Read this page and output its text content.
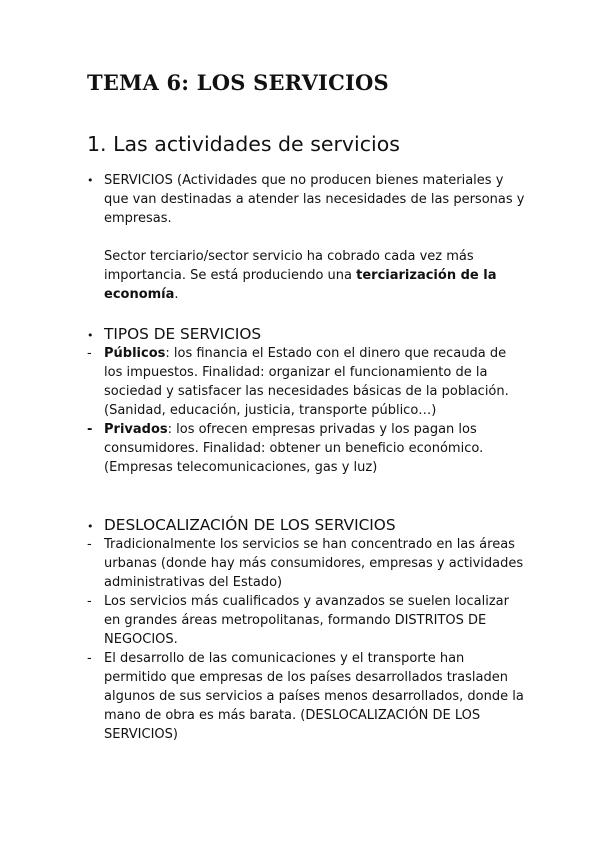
TEMA 6: LOS SERVICIOS
1. Las actividades de servicios
• SERVICIOS (Actividades que no producen bienes materiales y que van destinadas a atender las necesidades de las personas y empresas.
Sector terciario/sector servicio ha cobrado cada vez más importancia. Se está produciendo una terciarización de la economía.
• TIPOS DE SERVICIOS
- Públicos: los financia el Estado con el dinero que recauda de los impuestos. Finalidad: organizar el funcionamiento de la sociedad y satisfacer las necesidades básicas de la población. (Sanidad, educación, justicia, transporte público…)
- Privados: los ofrecen empresas privadas y los pagan los consumidores. Finalidad: obtener un beneficio económico. (Empresas telecomunicaciones, gas y luz)
• DESLOCALIZACIÓN DE LOS SERVICIOS
- Tradicionalmente los servicios se han concentrado en las áreas urbanas (donde hay más consumidores, empresas y actividades administrativas del Estado)
- Los servicios más cualificados y avanzados se suelen localizar en grandes áreas metropolitanas, formando DISTRITOS DE NEGOCIOS.
- El desarrollo de las comunicaciones y el transporte han permitido que empresas de los países desarrollados trasladen algunos de sus servicios a países menos desarrollados, donde la mano de obra es más barata. (DESLOCALIZACIÓN DE LOS SERVICIOS)
